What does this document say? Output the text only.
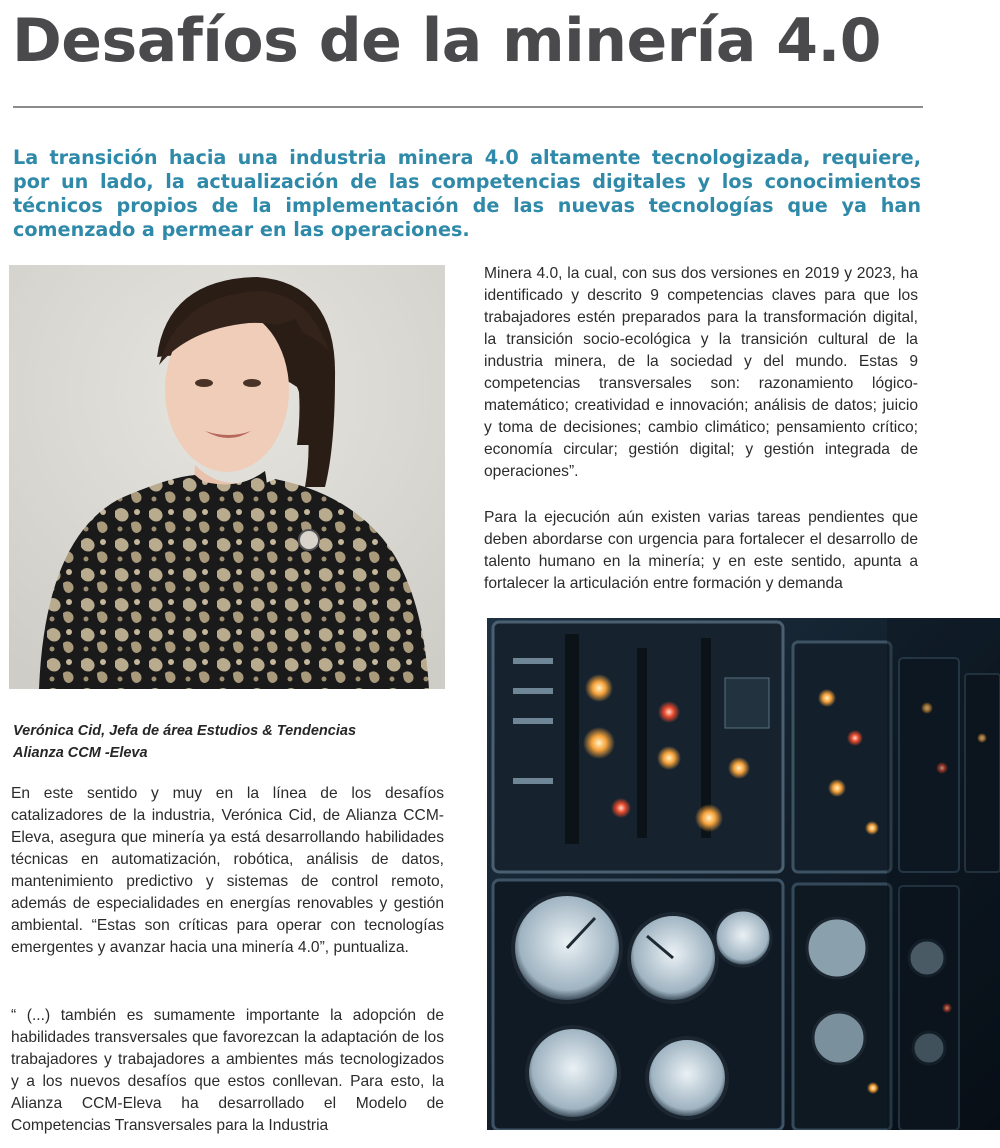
Desafíos de la minería 4.0

La transición hacia una industria minera 4.0 altamente tecnologizada, requiere, por un lado, la actualización de las competencias digitales y los conocimientos técnicos propios de la implementación de las nuevas tecnologías que ya han comenzado a permear en las operaciones.

Verónica Cid, Jefa de área Estudios & Tendencias
Alianza CCM -Eleva

En este sentido y muy en la línea de los desafíos catalizadores de la industria, Verónica Cid, de Alianza CCM-Eleva, asegura que minería ya está desarrollando habilidades técnicas en automatización, robótica, análisis de datos, mantenimiento predictivo y sistemas de control remoto, además de especialidades en energías renovables y gestión ambiental. “Estas son críticas para operar con tecnologías emergentes y avanzar hacia una minería 4.0”, puntualiza.

“ (...) también es sumamente importante la adopción de habilidades transversales que favorezcan la adaptación de los trabajadores y trabajadores a ambientes más tecnologizados y a los nuevos desafíos que estos conllevan. Para esto, la Alianza CCM-Eleva ha desarrollado el Modelo de Competencias Transversales para la Industria

Minera 4.0, la cual, con sus dos versiones en 2019 y 2023, ha identificado y descrito 9 competencias claves para que los trabajadores estén preparados para la transformación digital, la transición socio-ecológica y la transición cultural de la industria minera, de la sociedad y del mundo. Estas 9 competencias transversales son: razonamiento lógico-matemático; creatividad e innovación; análisis de datos; juicio y toma de decisiones; cambio climático; pensamiento crítico; economía circular; gestión digital; y gestión integrada de operaciones”.

Para la ejecución aún existen varias tareas pendientes que deben abordarse con urgencia para fortalecer el desarrollo de talento humano en la minería; y en este sentido, apunta a fortalecer la articulación entre formación y demanda
